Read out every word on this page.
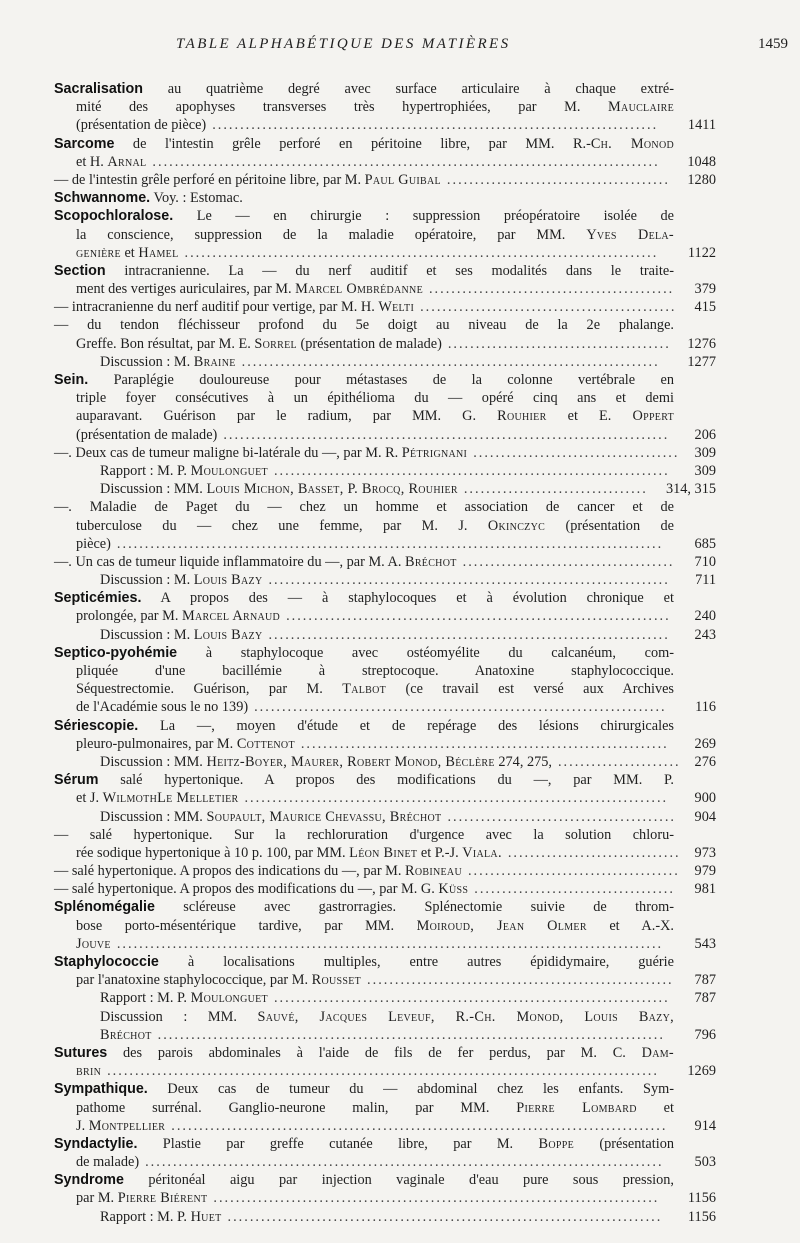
TABLE ALPHABÉTIQUE DES MATIÈRES	1459
Sacralisation au quatrième degré avec surface articulaire à chaque extré-
mité des apophyses transverses très hypertrophiées, par M. Mauclaire
(présentation de pièce) ................................................................................	1411
Sarcome de l'intestin grêle perforé en péritoine libre, par MM. R.-Ch. Monod
et H. Arnal ...........................................................................................	1048
— de l'intestin grêle perforé en péritoine libre, par M. Paul Guibal ........................................	1280
Schwannome. Voy. : Estomac.
Scopochloralose. Le — en chirurgie : suppression préopératoire isolée de
la conscience, suppression de la maladie opératoire, par MM. Yves Dela-
genière et Hamel .....................................................................................	1122
Section intracranienne. La — du nerf auditif et ses modalités dans le traite-
ment des vertiges auriculaires, par M. Marcel Ombrédanne ............................................	379
— intracranienne du nerf auditif pour vertige, par M. H. Welti ..............................................	415
— du tendon fléchisseur profond du 5e doigt au niveau de la 2e phalange.
Greffe. Bon résultat, par M. E. Sorrel (présentation de malade) ........................................	1276
Discussion : M. Braine ...........................................................................	1277
Sein. Paraplégie douloureuse pour métastases de la colonne vertébrale en
triple foyer consécutives à un épithélioma du — opéré cinq ans et demi
auparavant. Guérison par le radium, par MM. G. Rouhier et E. Oppert
(présentation de malade) ................................................................................	206
—. Deux cas de tumeur maligne bi-latérale du —, par M. R. Pétrignani .....................................	309
Rapport : M. P. Moulonguet .......................................................................	309
Discussion : MM. Louis Michon, Basset, P. Brocq, Rouhier .................................	314, 315
—. Maladie de Paget du — chez un homme et association de cancer et de
tuberculose du — chez une femme, par M. J. Okinczyc (présentation de
pièce) ..................................................................................................	685
—. Un cas de tumeur liquide inflammatoire du —, par M. A. Bréchot ......................................	710
Discussion : M. Louis Bazy ........................................................................	711
Septicémies. A propos des — à staphylocoques et à évolution chronique et
prolongée, par M. Marcel Arnaud .....................................................................	240
Discussion : M. Louis Bazy ........................................................................	243
Septico-pyohémie à staphylocoque avec ostéomyélite du calcanéum, com-
pliquée d'une bacillémie à streptocoque. Anatoxine staphylococcique.
Séquestrectomie. Guérison, par M. Talbot (ce travail est versé aux Archives
de l'Académie sous le no 139) ..........................................................................	116
Sériescopie. La —, moyen d'étude et de repérage des lésions chirurgicales
pleuro-pulmonaires, par M. Cottenot ..................................................................	269
Discussion : MM. Heitz-Boyer, Maurer, Robert Monod, Béclère 274, 275, ...................... 276
Sérum salé hypertonique. A propos des modifications du —, par MM. P.
et J. WilmothLe Melletier ............................................................................	900
Discussion : MM. Soupault, Maurice Chevassu, Bréchot .........................................	904
— salé hypertonique. Sur la rechloruration d'urgence avec la solution chloru-
rée sodique hypertonique à 10 p. 100, par MM. Léon Binet et P.-J. Viala. ............................... 973
— salé hypertonique. A propos des indications du —, par M. Robineau ......................................	979
— salé hypertonique. A propos des modifications du —, par M. G. Küss ....................................	981
Splénomégalie scléreuse avec gastrorragies. Splénectomie suivie de throm-
bose porto-mésentérique tardive, par MM. Moiroud, Jean Olmer et A.-X.
Jouve ..................................................................................................	543
Staphylococcie à localisations multiples, entre autres épididymaire, guérie
par l'anatoxine staphylococcique, par M. Rousset .......................................................	787
Rapport : M. P. Moulonguet .......................................................................	787
Discussion : MM. Sauvé, Jacques Leveuf, R.-Ch. Monod, Louis Bazy,
Bréchot ...........................................................................................	796
Sutures des parois abdominales à l'aide de fils de fer perdus, par M. C. Dam-
brin ...................................................................................................	1269
Sympathique. Deux cas de tumeur du — abdominal chez les enfants. Sym-
pathome surrénal. Ganglio-neurone malin, par MM. Pierre Lombard et
J. Montpellier .........................................................................................	914
Syndactylie. Plastie par greffe cutanée libre, par M. Boppe (présentation
de malade) .............................................................................................	503
Syndrome péritonéal aigu par injection vaginale d'eau pure sous pression,
par M. Pierre Biérent ................................................................................	1156
Rapport : M. P. Huet ..............................................................................	1156
